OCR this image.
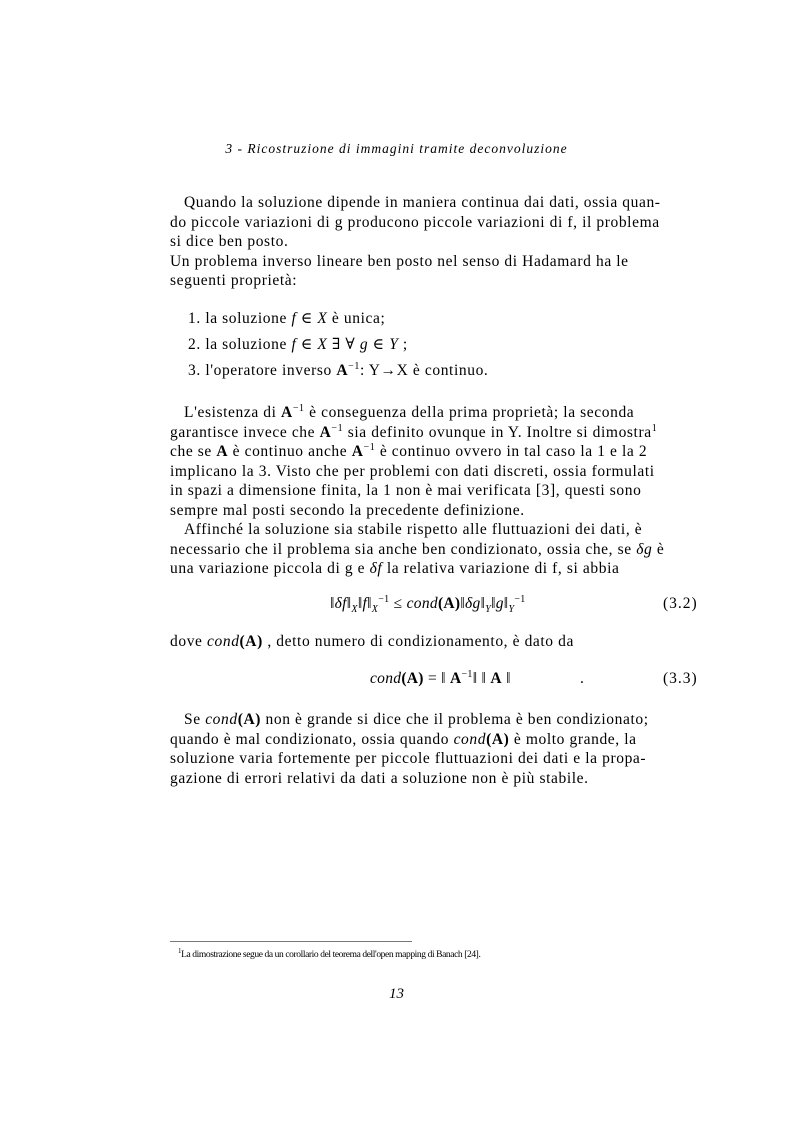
3 - Ricostruzione di immagini tramite deconvoluzione
Quando la soluzione dipende in maniera continua dai dati, ossia quan-
do piccole variazioni di g producono piccole variazioni di f, il problema
si dice ben posto.
Un problema inverso lineare ben posto nel senso di Hadamard ha le
seguenti proprietà:
1. la soluzione f ∈ X è unica;
2. la soluzione f ∈ X ∃ ∀ g ∈ Y ;
3. l'operatore inverso $A^{-1}$: Y→X è continuo.
L'esistenza di $A^{-1}$ è conseguenza della prima proprietà; la seconda
garantisce invece che $A^{-1}$ sia definito ovunque in Y. Inoltre si dimostra$^1$
che se A è continuo anche $A^{-1}$ è continuo ovvero in tal caso la 1 e la 2
implicano la 3. Visto che per problemi con dati discreti, ossia formulati
in spazi a dimensione finita, la 1 non è mai verificata [3], questi sono
sempre mal posti secondo la precedente definizione.
Affinché la soluzione sia stabile rispetto alle fluttuazioni dei dati, è
necessario che il problema sia anche ben condizionato, ossia che, se δg è
una variazione piccola di g e δf la relativa variazione di f, si abbia
$‖\delta f‖_X‖f‖_X^{-1}$ ≤ $cond(A)‖\delta g‖_Y‖g‖_Y^{-1}$	(3.2)
dove cond(A) , detto numero di condizionamento, è dato da
cond(A) = ‖ $A^{-1}‖$ ‖ A ‖	.	(3.3)
Se cond(A) non è grande si dice che il problema è ben condizionato;
quando è mal condizionato, ossia quando cond(A) è molto grande, la
soluzione varia fortemente per piccole fluttuazioni dei dati e la propa-
gazione di errori relativi da dati a soluzione non è più stabile.
$^1$La dimostrazione segue da un corollario del teorema dell'open mapping di Banach [24].
13
